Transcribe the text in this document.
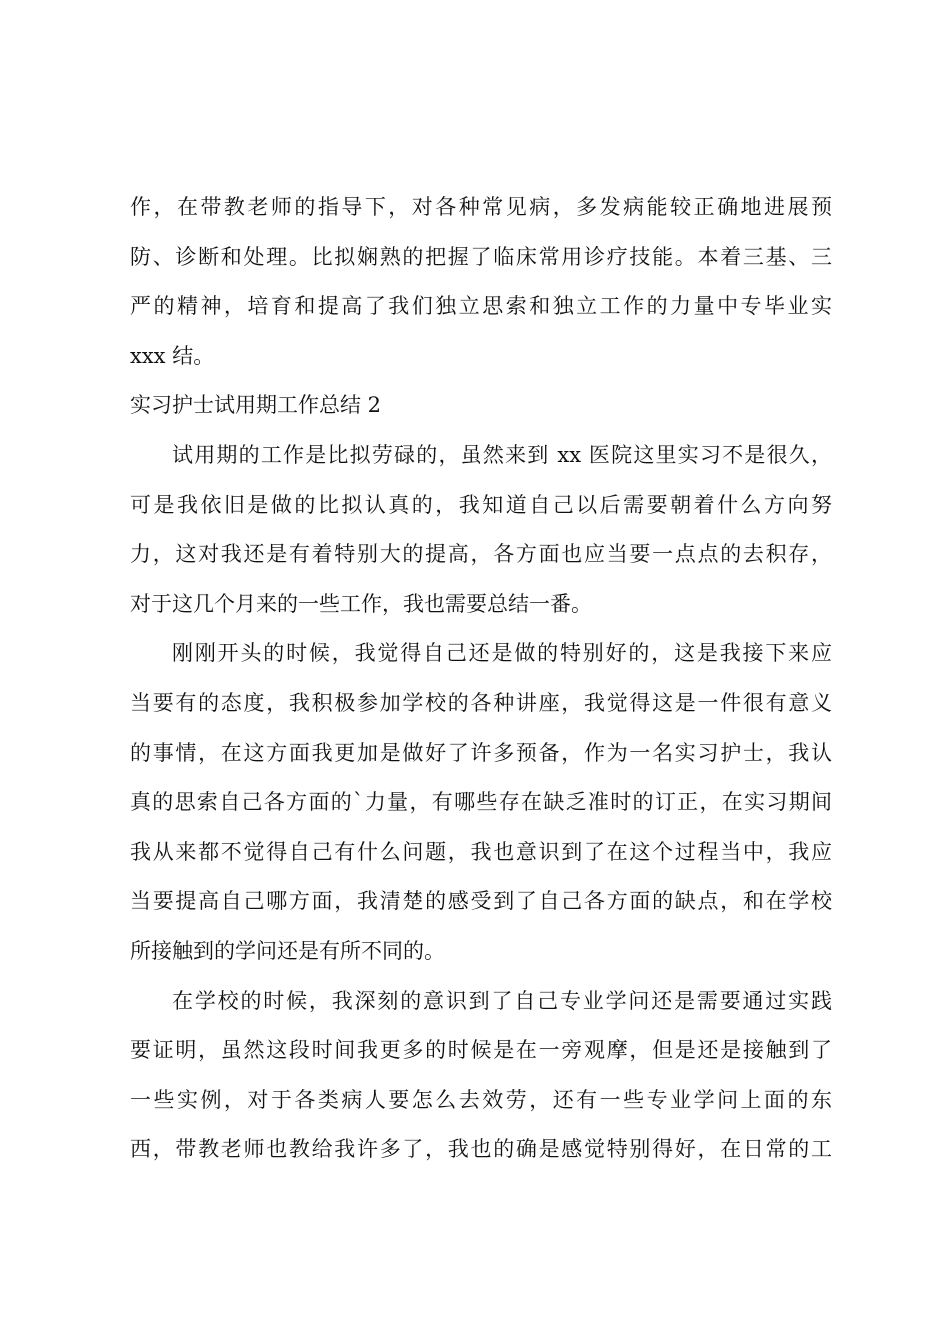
作，在带教老师的指导下，对各种常见病，多发病能较正确地进展预
防、诊断和处理。比拟娴熟的把握了临床常用诊疗技能。本着三基、三
严的精神，培育和提高了我们独立思索和独立工作的力量中专毕业实
xxx 结。
实习护士试用期工作总结 2
试用期的工作是比拟劳碌的，虽然来到 xx 医院这里实习不是很久，
可是我依旧是做的比拟认真的，我知道自己以后需要朝着什么方向努
力，这对我还是有着特别大的提高，各方面也应当要一点点的去积存，
对于这几个月来的一些工作，我也需要总结一番。
刚刚开头的时候，我觉得自己还是做的特别好的，这是我接下来应
当要有的态度，我积极参加学校的各种讲座，我觉得这是一件很有意义
的事情，在这方面我更加是做好了许多预备，作为一名实习护士，我认
真的思索自己各方面的`力量，有哪些存在缺乏准时的订正，在实习期间
我从来都不觉得自己有什么问题，我也意识到了在这个过程当中，我应
当要提高自己哪方面，我清楚的感受到了自己各方面的缺点，和在学校
所接触到的学问还是有所不同的。
在学校的时候，我深刻的意识到了自己专业学问还是需要通过实践
要证明，虽然这段时间我更多的时候是在一旁观摩，但是还是接触到了
一些实例，对于各类病人要怎么去效劳，还有一些专业学问上面的东
西，带教老师也教给我许多了，我也的确是感觉特别得好，在日常的工
